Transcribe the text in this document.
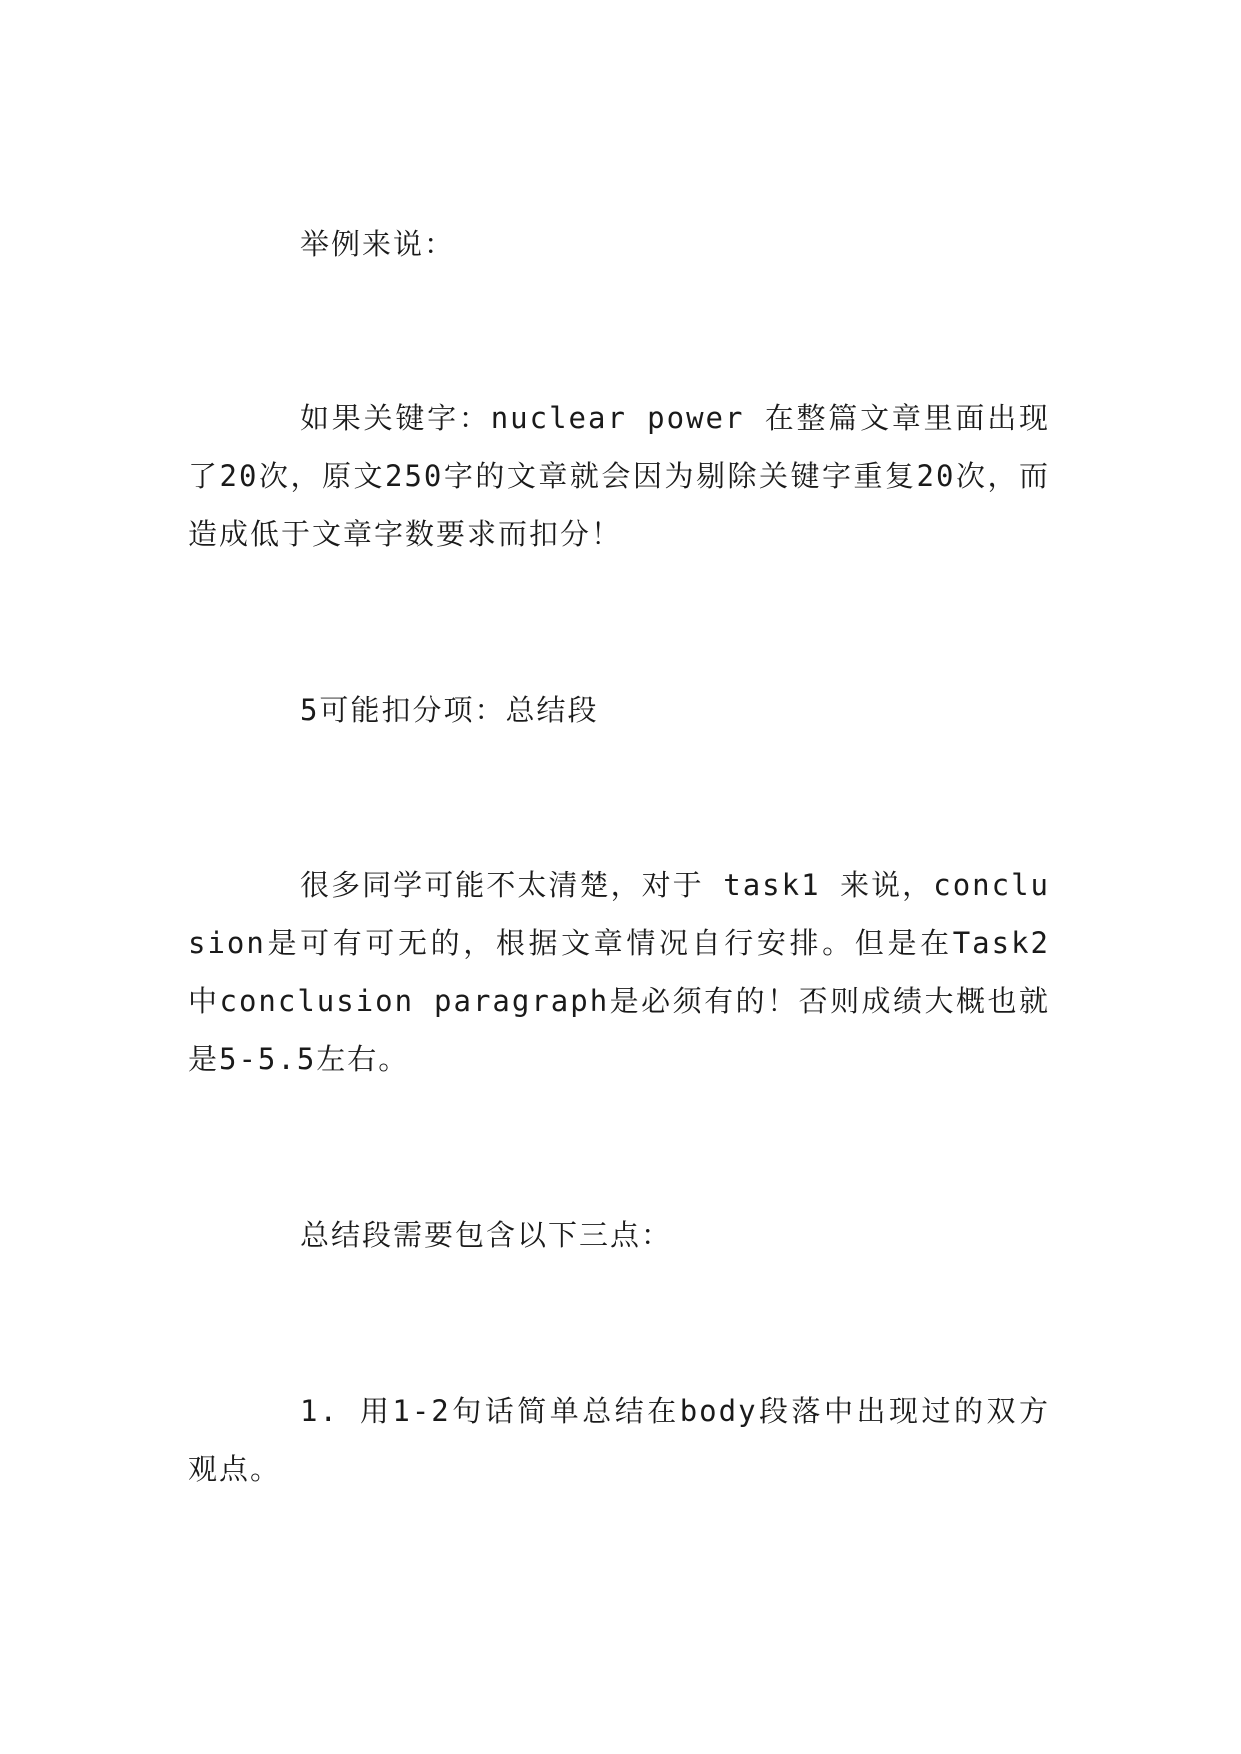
举例来说：

如果关键字：nuclear power 在整篇文章里面出现了20次，原文250字的文章就会因为剔除关键字重复20次，而造成低于文章字数要求而扣分！

5可能扣分项：总结段

很多同学可能不太清楚，对于 task1 来说，conclusion是可有可无的，根据文章情况自行安排。但是在Task2 中conclusion paragraph是必须有的！否则成绩大概也就是5-5.5左右。

总结段需要包含以下三点：

1. 用1-2句话简单总结在body段落中出现过的双方观点。
